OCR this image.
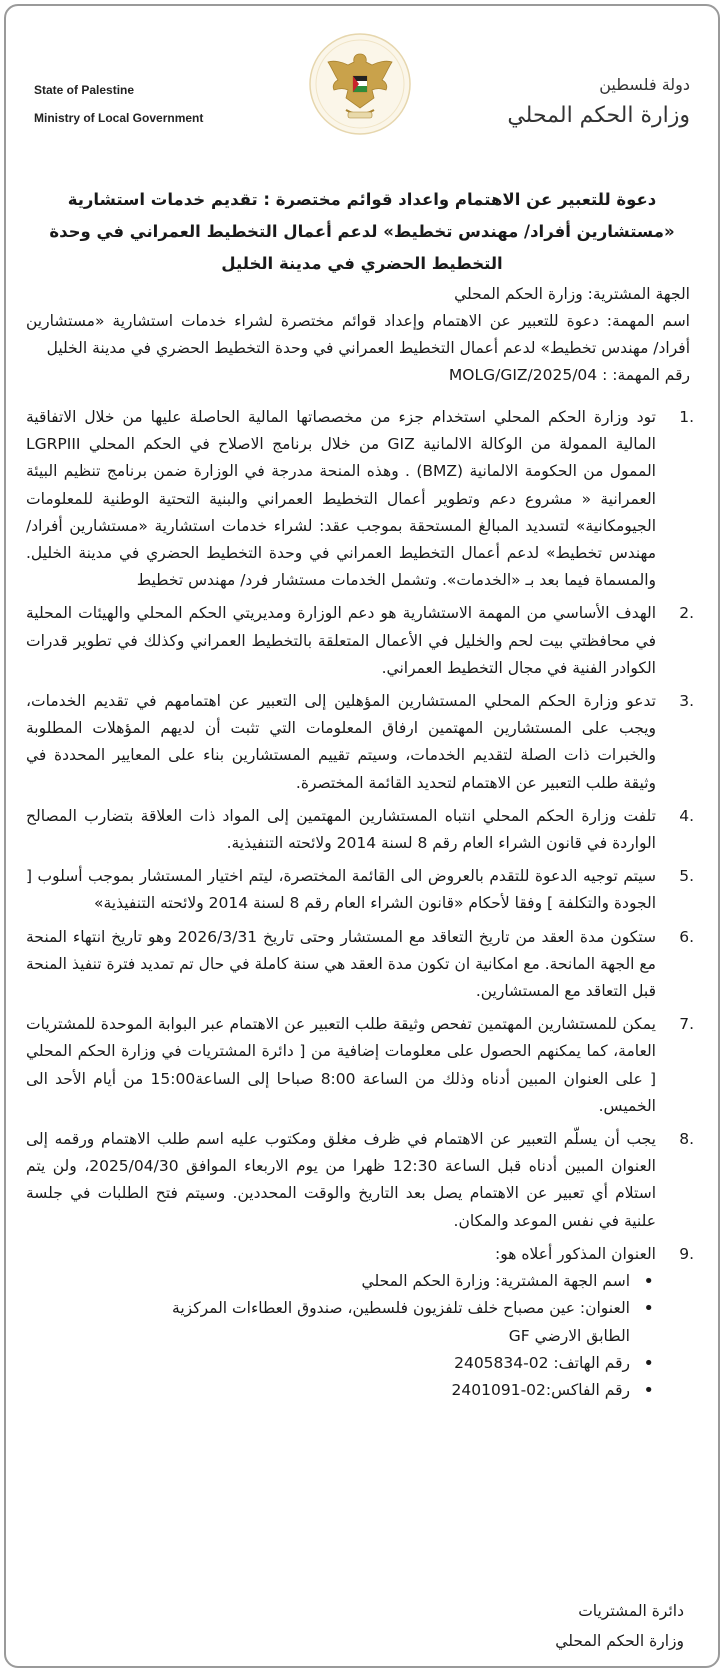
State of Palestine
Ministry of Local Government
دولة فلسطين
وزارة الحكم المحلي
دعوة للتعبير عن الاهتمام واعداد قوائم مختصرة : تقديم خدمات استشارية
«مستشارين أفراد/ مهندس تخطيط» لدعم أعمال التخطيط العمراني في وحدة
التخطيط الحضري في مدينة الخليل

الجهة المشترية: وزارة الحكم المحلي

اسم المهمة: دعوة للتعبير عن الاهتمام وإعداد قوائم مختصرة لشراء خدمات استشارية «مستشارين أفراد/ مهندس تخطيط» لدعم أعمال التخطيط العمراني في وحدة التخطيط الحضري في مدينة الخليل

رقم المهمة: : MOLG/GIZ/2025/04

1.
تود وزارة الحكم المحلي استخدام جزء من مخصصاتها المالية الحاصلة عليها من خلال الاتفاقية المالية الممولة من الوكالة الالمانية GIZ من خلال برنامج الاصلاح في الحكم المحلي LGRPIII الممول من الحكومة الالمانية (BMZ) . وهذه المنحة مدرجة في الوزارة ضمن برنامج تنظيم البيئة العمرانية « مشروع دعم وتطوير أعمال التخطيط العمراني والبنية التحتية الوطنية للمعلومات الجيومكانية» لتسديد المبالغ المستحقة بموجب عقد: لشراء خدمات استشارية «مستشارين أفراد/ مهندس تخطيط» لدعم أعمال التخطيط العمراني في وحدة التخطيط الحضري في مدينة الخليل. والمسماة فيما بعد بـ «الخدمات». وتشمل الخدمات مستشار فرد/ مهندس تخطيط
2.
الهدف الأساسي من المهمة الاستشارية هو دعم الوزارة ومديريتي الحكم المحلي والهيئات المحلية في محافظتي بيت لحم والخليل في الأعمال المتعلقة بالتخطيط العمراني وكذلك في تطوير قدرات الكوادر الفنية في مجال التخطيط العمراني.
3.
تدعو وزارة الحكم المحلي المستشارين المؤهلين إلى التعبير عن اهتمامهم في تقديم الخدمات، ويجب على المستشارين المهتمين ارفاق المعلومات التي تثبت أن لديهم المؤهلات المطلوبة والخبرات ذات الصلة لتقديم الخدمات، وسيتم تقييم المستشارين بناء على المعايير المحددة في وثيقة طلب التعبير عن الاهتمام لتحديد القائمة المختصرة.
4.
تلفت وزارة الحكم المحلي انتباه المستشارين المهتمين إلى المواد ذات العلاقة بتضارب المصالح الواردة في قانون الشراء العام رقم 8 لسنة 2014 ولائحته التنفيذية.
5.
سيتم توجيه الدعوة للتقدم بالعروض الى القائمة المختصرة، ليتم اختيار المستشار بموجب أسلوب [ الجودة والتكلفة ] وفقا لأحكام «قانون الشراء العام رقم 8 لسنة 2014 ولائحته التنفيذية»
6.
ستكون مدة العقد من تاريخ التعاقد مع المستشار وحتى تاريخ 2026/3/31 وهو تاريخ انتهاء المنحة مع الجهة المانحة. مع امكانية ان تكون مدة العقد هي سنة كاملة في حال تم تمديد فترة تنفيذ المنحة قبل التعاقد مع المستشارين.
7.
يمكن للمستشارين المهتمين تفحص وثيقة طلب التعبير عن الاهتمام عبر البوابة الموحدة للمشتريات العامة، كما يمكنهم الحصول على معلومات إضافية من [ دائرة المشتريات في وزارة الحكم المحلي [ على العنوان المبين أدناه وذلك من الساعة 8:00 صباحا إلى الساعة15:00 من أيام الأحد الى الخميس.
8.
يجب أن يسلّم التعبير عن الاهتمام في ظرف مغلق ومكتوب عليه اسم طلب الاهتمام ورقمه إلى العنوان المبين أدناه قبل الساعة 12:30 ظهرا من يوم الاربعاء الموافق 2025/04/30، ولن يتم استلام أي تعبير عن الاهتمام يصل بعد التاريخ والوقت المحددين. وسيتم فتح الطلبات في جلسة علنية في نفس الموعد والمكان.
9.
العنوان المذكور أعلاه هو:
• اسم الجهة المشترية: وزارة الحكم المحلي
• العنوان: عين مصباح خلف تلفزيون فلسطين، صندوق العطاءات المركزية
الطابق الارضي GF
• رقم الهاتف: 02-2405834
• رقم الفاكس:02-2401091
دائرة المشتريات
وزارة الحكم المحلي
